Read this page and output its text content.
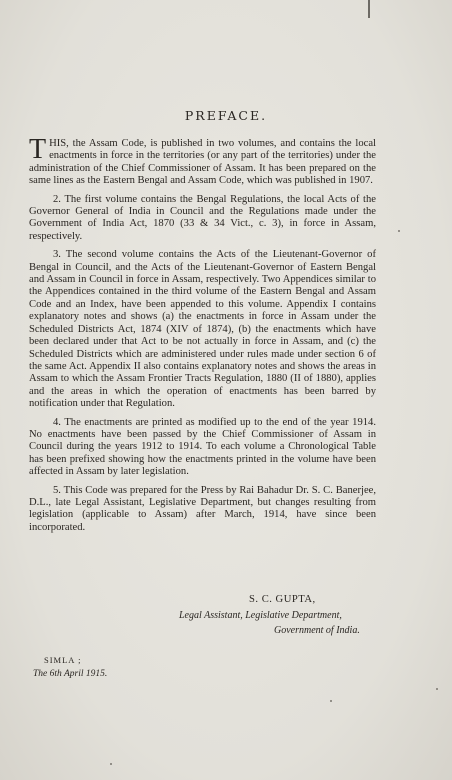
PREFACE.

THIS, the Assam Code, is published in two volumes, and contains the local enactments in force in the territories (or any part of the territories) under the administration of the Chief Commissioner of Assam. It has been prepared on the same lines as the Eastern Bengal and Assam Code, which was published in 1907.

2. The first volume contains the Bengal Regulations, the local Acts of the Governor General of India in Council and the Regulations made under the Government of India Act, 1870 (33 & 34 Vict., c. 3), in force in Assam, respectively.

3. The second volume contains the Acts of the Lieutenant-Governor of Bengal in Council, and the Acts of the Lieutenant-Governor of Eastern Bengal and Assam in Council in force in Assam, respectively. Two Appendices similar to the Appendices contained in the third volume of the Eastern Bengal and Assam Code and an Index, have been appended to this volume. Appendix I contains explanatory notes and shows (a) the enactments in force in Assam under the Scheduled Districts Act, 1874 (XIV of 1874), (b) the enactments which have been declared under that Act to be not actually in force in Assam, and (c) the Scheduled Districts which are administered under rules made under section 6 of the same Act. Appendix II also contains explanatory notes and shows the areas in Assam to which the Assam Frontier Tracts Regulation, 1880 (II of 1880), applies and the areas in which the operation of enactments has been barred by notification under that Regulation.

4. The enactments are printed as modified up to the end of the year 1914. No enactments have been passed by the Chief Commissioner of Assam in Council during the years 1912 to 1914. To each volume a Chronological Table has been prefixed showing how the enactments printed in the volume have been affected in Assam by later legislation.

5. This Code was prepared for the Press by Rai Bahadur Dr. S. C. Banerjee, D.L., late Legal Assistant, Legislative Department, but changes resulting from legislation (applicable to Assam) after March, 1914, have since been incorporated.

S. C. GUPTA,
Legal Assistant, Legislative Department,
Government of India.
SIMLA ;
The 6th April 1915.
